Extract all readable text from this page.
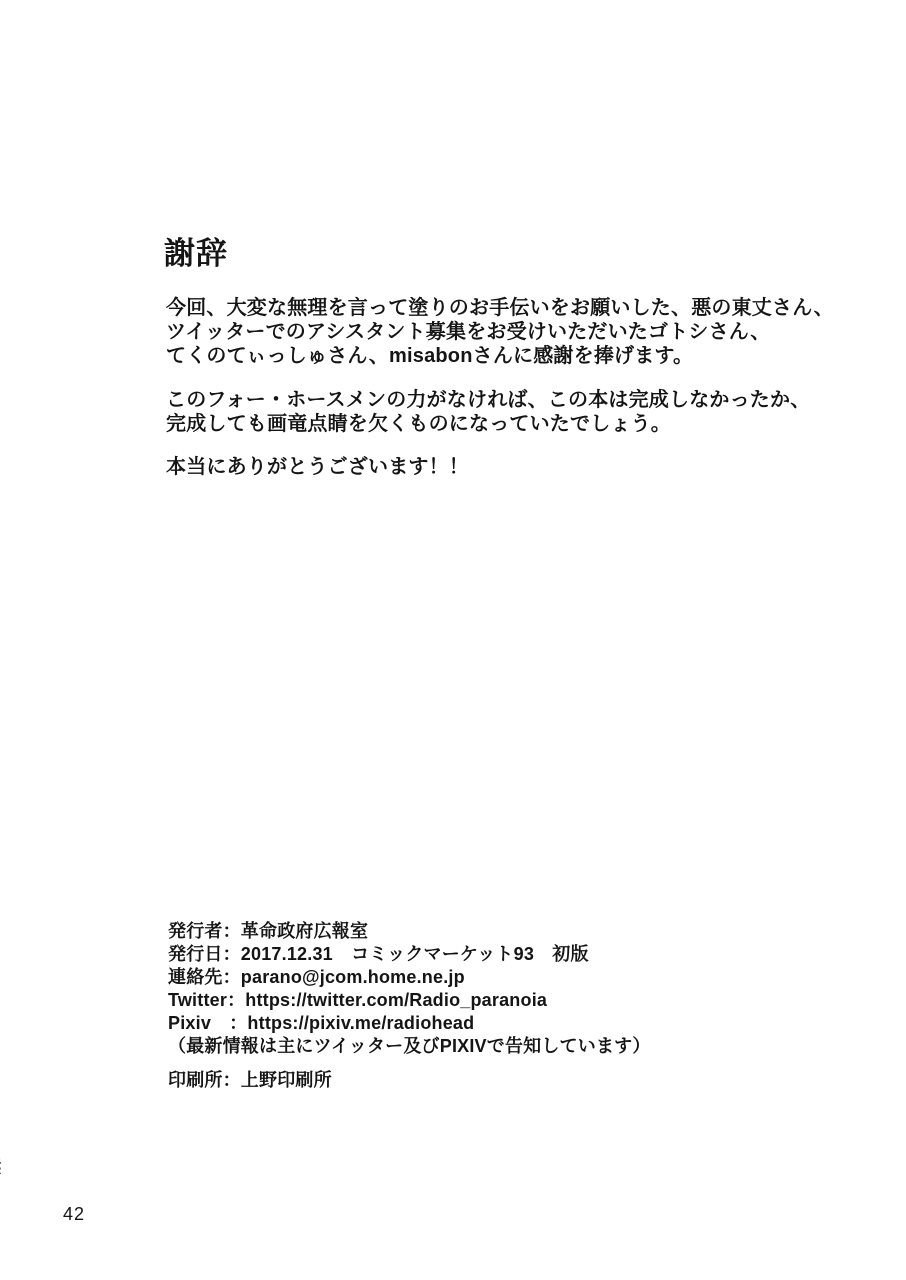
謝辞
今回、大変な無理を言って塗りのお手伝いをお願いした、悪の東丈さん、
ツイッターでのアシスタント募集をお受けいただいたゴトシさん、
てくのてぃっしゅさん、misabonさんに感謝を捧げます。
このフォー・ホースメンの力がなければ、この本は完成しなかったか、
完成しても画竜点睛を欠くものになっていたでしょう。
本当にありがとうございます！！
発行者：革命政府広報室
発行日：2017.12.31　コミックマーケット93　初版
連絡先：parano@jcom.home.ne.jp
Twitter：https://twitter.com/Radio_paranoia
Pixiv　：https://pixiv.me/radiohead
（最新情報は主にツイッター及びPIXIVで告知しています）
印刷所：上野印刷所
42
